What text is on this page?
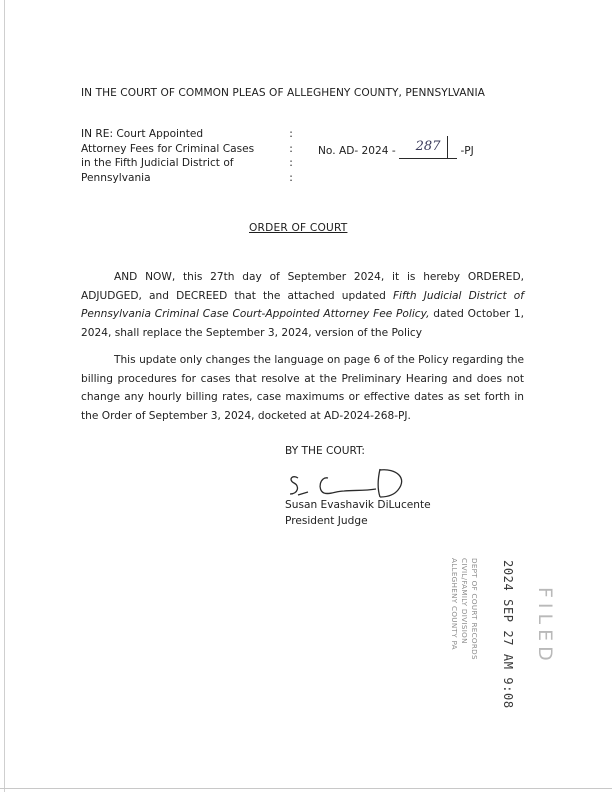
IN THE COURT OF COMMON PLEAS OF ALLEGHENY COUNTY, PENNSYLVANIA
IN RE: Court Appointed
Attorney Fees for Criminal Cases
in the Fifth Judicial District of
Pennsylvania
:
:
:
:
No. AD- 2024 - 287 -PJ
ORDER OF COURT

AND NOW, this 27th day of September 2024, it is hereby ORDERED, ADJUDGED, and DECREED that the attached updated Fifth Judicial District of Pennsylvania Criminal Case Court-Appointed Attorney Fee Policy, dated October 1, 2024, shall replace the September 3, 2024, version of the Policy

This update only changes the language on page 6 of the Policy regarding the billing procedures for cases that resolve at the Preliminary Hearing and does not change any hourly billing rates, case maximums or effective dates as set forth in the Order of September 3, 2024, docketed at AD-2024-268-PJ.

BY THE COURT:
Susan Evashavik DiLucente
President Judge
DEPT OF COURT RECORDS
CIVIL/FAMILY DIVISION
ALLEGHENY COUNTY PA	2024 SEP 27 AM 9:08 FILED
